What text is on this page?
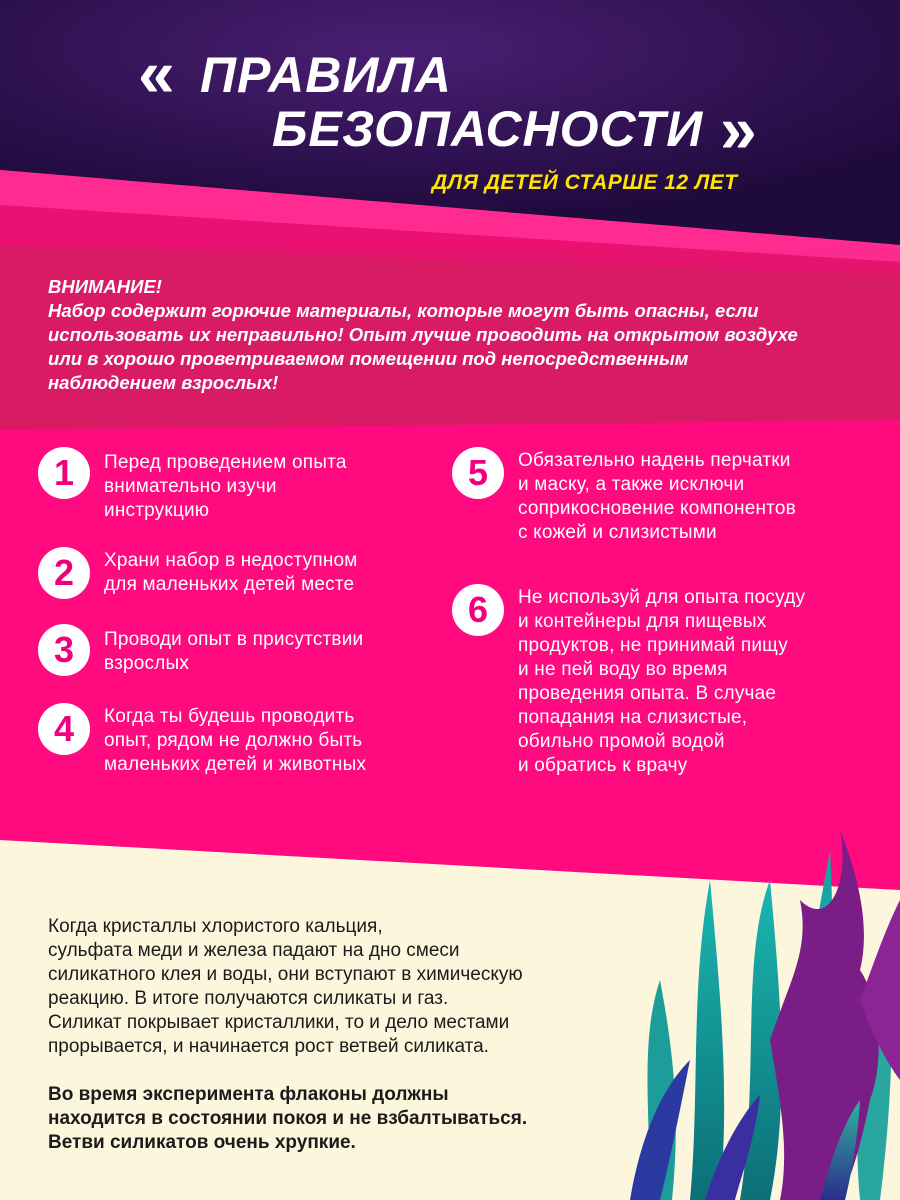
« ПРАВИЛА
БЕЗОПАСНОСТИ »
ДЛЯ ДЕТЕЙ СТАРШЕ 12 ЛЕТ
ВНИМАНИЕ!
Набор содержит горючие материалы, которые могут быть опасны, если
использовать их неправильно! Опыт лучше проводить на открытом воздухе
или в хорошо проветриваемом помещении под непосредственным
наблюдением взрослых!
1	Перед проведением опыта
внимательно изучи
инструкцию
2	Храни набор в недоступном
для маленьких детей месте
3	Проводи опыт в присутствии
взрослых
4	Когда ты будешь проводить
опыт, рядом не должно быть
маленьких детей и животных
5	Обязательно надень перчатки
и маску, а также исключи
соприкосновение компонентов
с кожей и слизистыми
6	Не используй для опыта посуду
и контейнеры для пищевых
продуктов, не принимай пищу
и не пей воду во время
проведения опыта. В случае
попадания на слизистые,
обильно промой водой
и обратись к врачу

Когда кристаллы хлористого кальция,
сульфата меди и железа падают на дно смеси
силикатного клея и воды, они вступают в химическую
реакцию. В итоге получаются силикаты и газ.
Силикат покрывает кристаллики, то и дело местами
прорывается, и начинается рост ветвей силиката.

Во время эксперимента флаконы должны
находится в состоянии покоя и не взбалтываться.
Ветви силикатов очень хрупкие.
